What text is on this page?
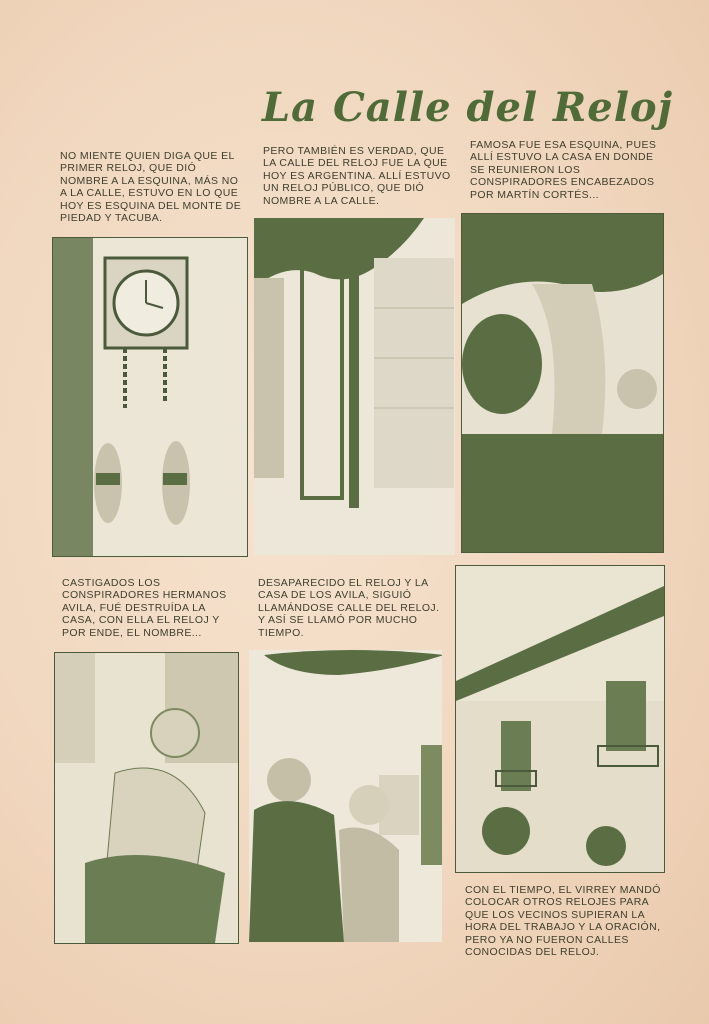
La Calle del Reloj
NO MIENTE QUIEN DIGA QUE EL PRIMER RELOJ, QUE DIÓ NOMBRE A LA ESQUINA, MÁS NO A LA CALLE, ESTUVO EN LO QUE HOY ES ESQUINA DEL MONTE DE PIEDAD Y TACUBA.
PERO TAMBIÉN ES VERDAD, QUE LA CALLE DEL RELOJ FUE LA QUE HOY ES ARGENTINA. ALLÍ ESTUVO UN RELOJ PÚBLICO, QUE DIÓ NOMBRE A LA CALLE.
FAMOSA FUE ESA ESQUINA, PUES ALLÍ ESTUVO LA CASA EN DONDE SE REUNIERON LOS CONSPIRADORES ENCABEZADOS POR MARTÍN CORTÉS...
CASTIGADOS LOS CONSPIRADORES HERMANOS AVILA, FUÉ DESTRUÍDA LA CASA, CON ELLA EL RELOJ Y POR ENDE, EL NOMBRE...
DESAPARECIDO EL RELOJ Y LA CASA DE LOS AVILA, SIGUIÓ LLAMÁNDOSE CALLE DEL RELOJ. Y ASÍ SE LLAMÓ POR MUCHO TIEMPO.
CON EL TIEMPO, EL VIRREY MANDÓ COLOCAR OTROS RELOJES PARA QUE LOS VECINOS SUPIERAN LA HORA DEL TRABAJO Y LA ORACIÓN, PERO YA NO FUERON CALLES CONOCIDAS DEL RELOJ.
